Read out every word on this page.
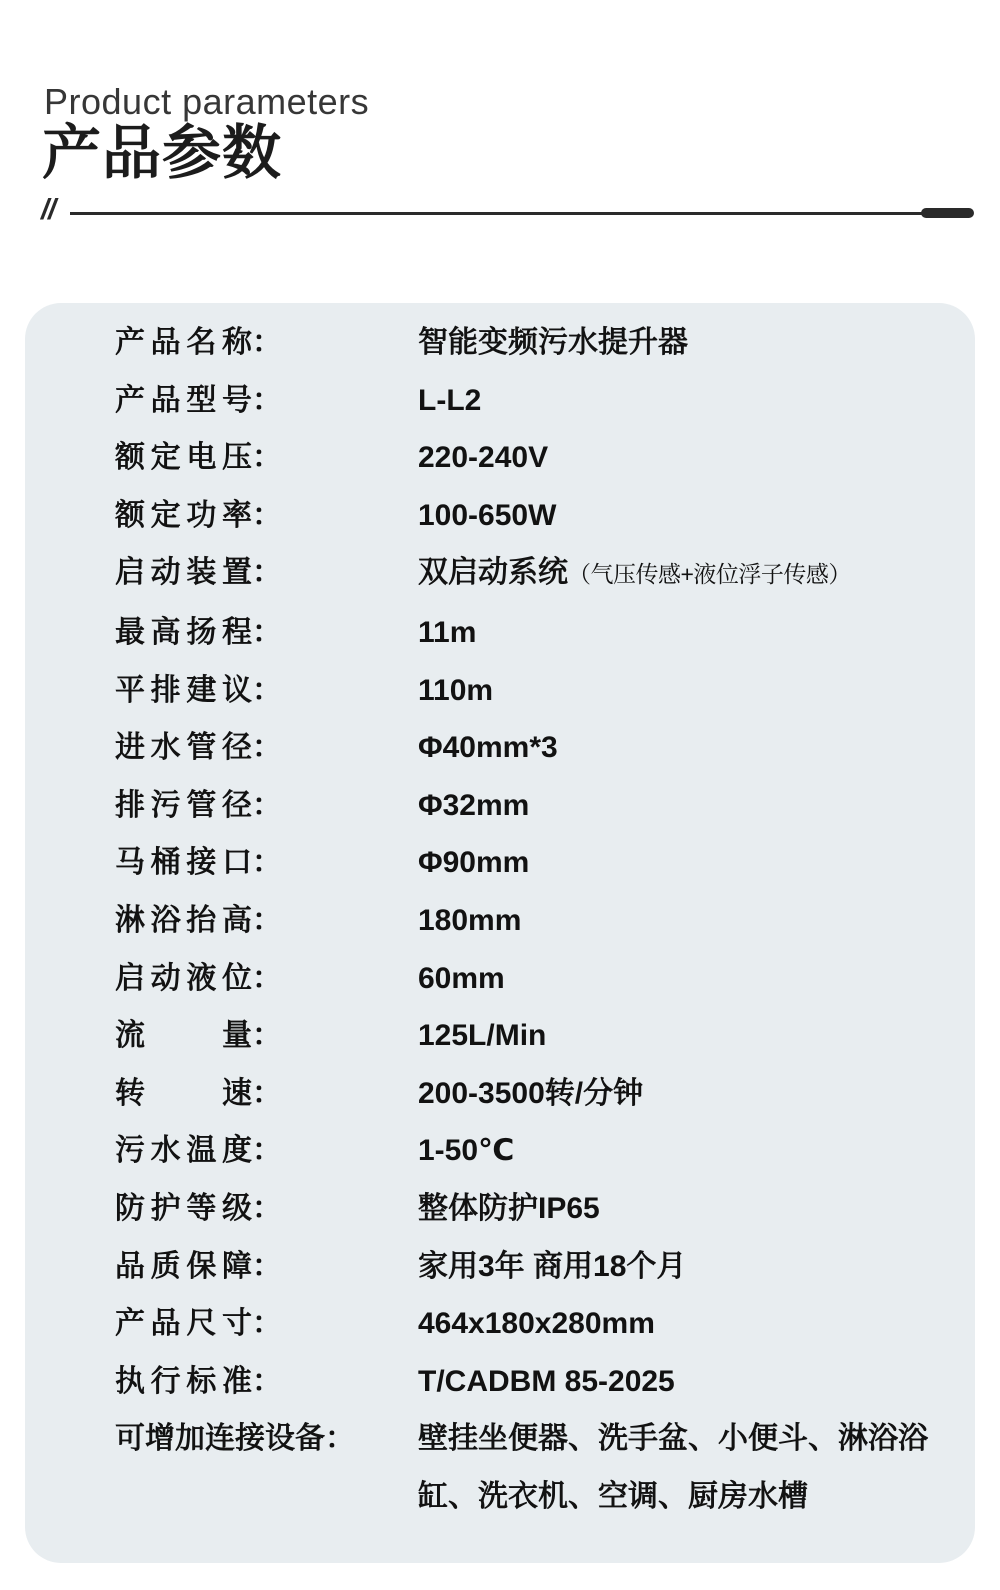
Product parameters
产品参数
//
产品名称 ：	智能变频污水提升器
产品型号 ：	L-L2
额定电压 ：	220-240V
额定功率 ：	100-650W
启动装置 ：	双启动系统（气压传感+液位浮子传感）
最高扬程 ：	11m
平排建议 ：	110m
进水管径 ：	Φ40mm*3
排污管径 ：	Φ32mm
马桶接口 ：	Φ90mm
淋浴抬高 ：	180mm
启动液位 ：	60mm
流量 ：	125L/Min
转速 ：	200-3500转/分钟
污水温度 ：	1-50℃
防护等级 ：	整体防护IP65
品质保障 ：	家用3年 商用18个月
产品尺寸 ：	464x180x280mm
执行标准 ：	T/CADBM 85-2025
可增加连接设备 ： 壁挂坐便器、洗手盆、小便斗、淋浴浴缸、洗衣机、空调、厨房水槽
